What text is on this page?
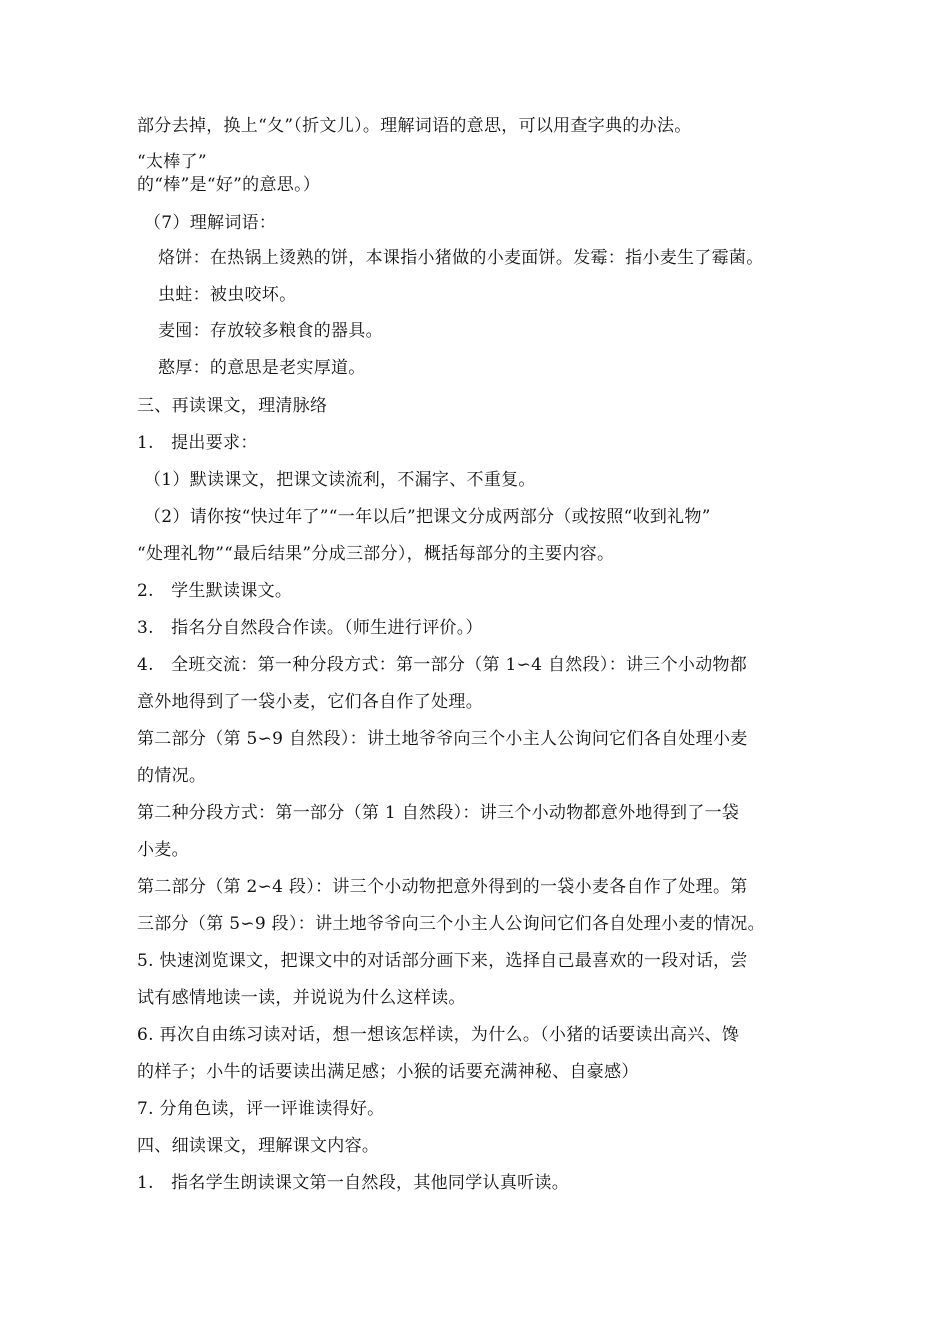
部分去掉，换上“夂”（折文儿）。理解词语的意思，可以用查字典的办法。
“太棒了”
的“棒”是“好”的意思。）
（7）理解词语：
烙饼：在热锅上烫熟的饼，本课指小猪做的小麦面饼。发霉：指小麦生了霉菌。
虫蛀：被虫咬坏。
麦囤：存放较多粮食的器具。
憨厚：的意思是老实厚道。
三、再读课文，理清脉络
1.　提出要求：
（1）默读课文，把课文读流利，不漏字、不重复。
（2）请你按“快过年了”“一年以后”把课文分成两部分（或按照“收到礼物”
“处理礼物”“最后结果”分成三部分），概括每部分的主要内容。
2.　学生默读课文。
3.　指名分自然段合作读。（师生进行评价。）
4.　全班交流：第一种分段方式：第一部分（第 1∽4 自然段）：讲三个小动物都
意外地得到了一袋小麦，它们各自作了处理。
第二部分（第 5∽9 自然段）：讲土地爷爷向三个小主人公询问它们各自处理小麦
的情况。
第二种分段方式：第一部分（第 1 自然段）：讲三个小动物都意外地得到了一袋
小麦。
第二部分（第 2∽4 段）：讲三个小动物把意外得到的一袋小麦各自作了处理。第
三部分（第 5∽9 段）：讲土地爷爷向三个小主人公询问它们各自处理小麦的情况。
5. 快速浏览课文，把课文中的对话部分画下来，选择自己最喜欢的一段对话，尝
试有感情地读一读，并说说为什么这样读。
6. 再次自由练习读对话，想一想该怎样读，为什么。（小猪的话要读出高兴、馋
的样子；小牛的话要读出满足感；小猴的话要充满神秘、自豪感）
7. 分角色读，评一评谁读得好。
四、细读课文，理解课文内容。
1.　指名学生朗读课文第一自然段，其他同学认真听读。
